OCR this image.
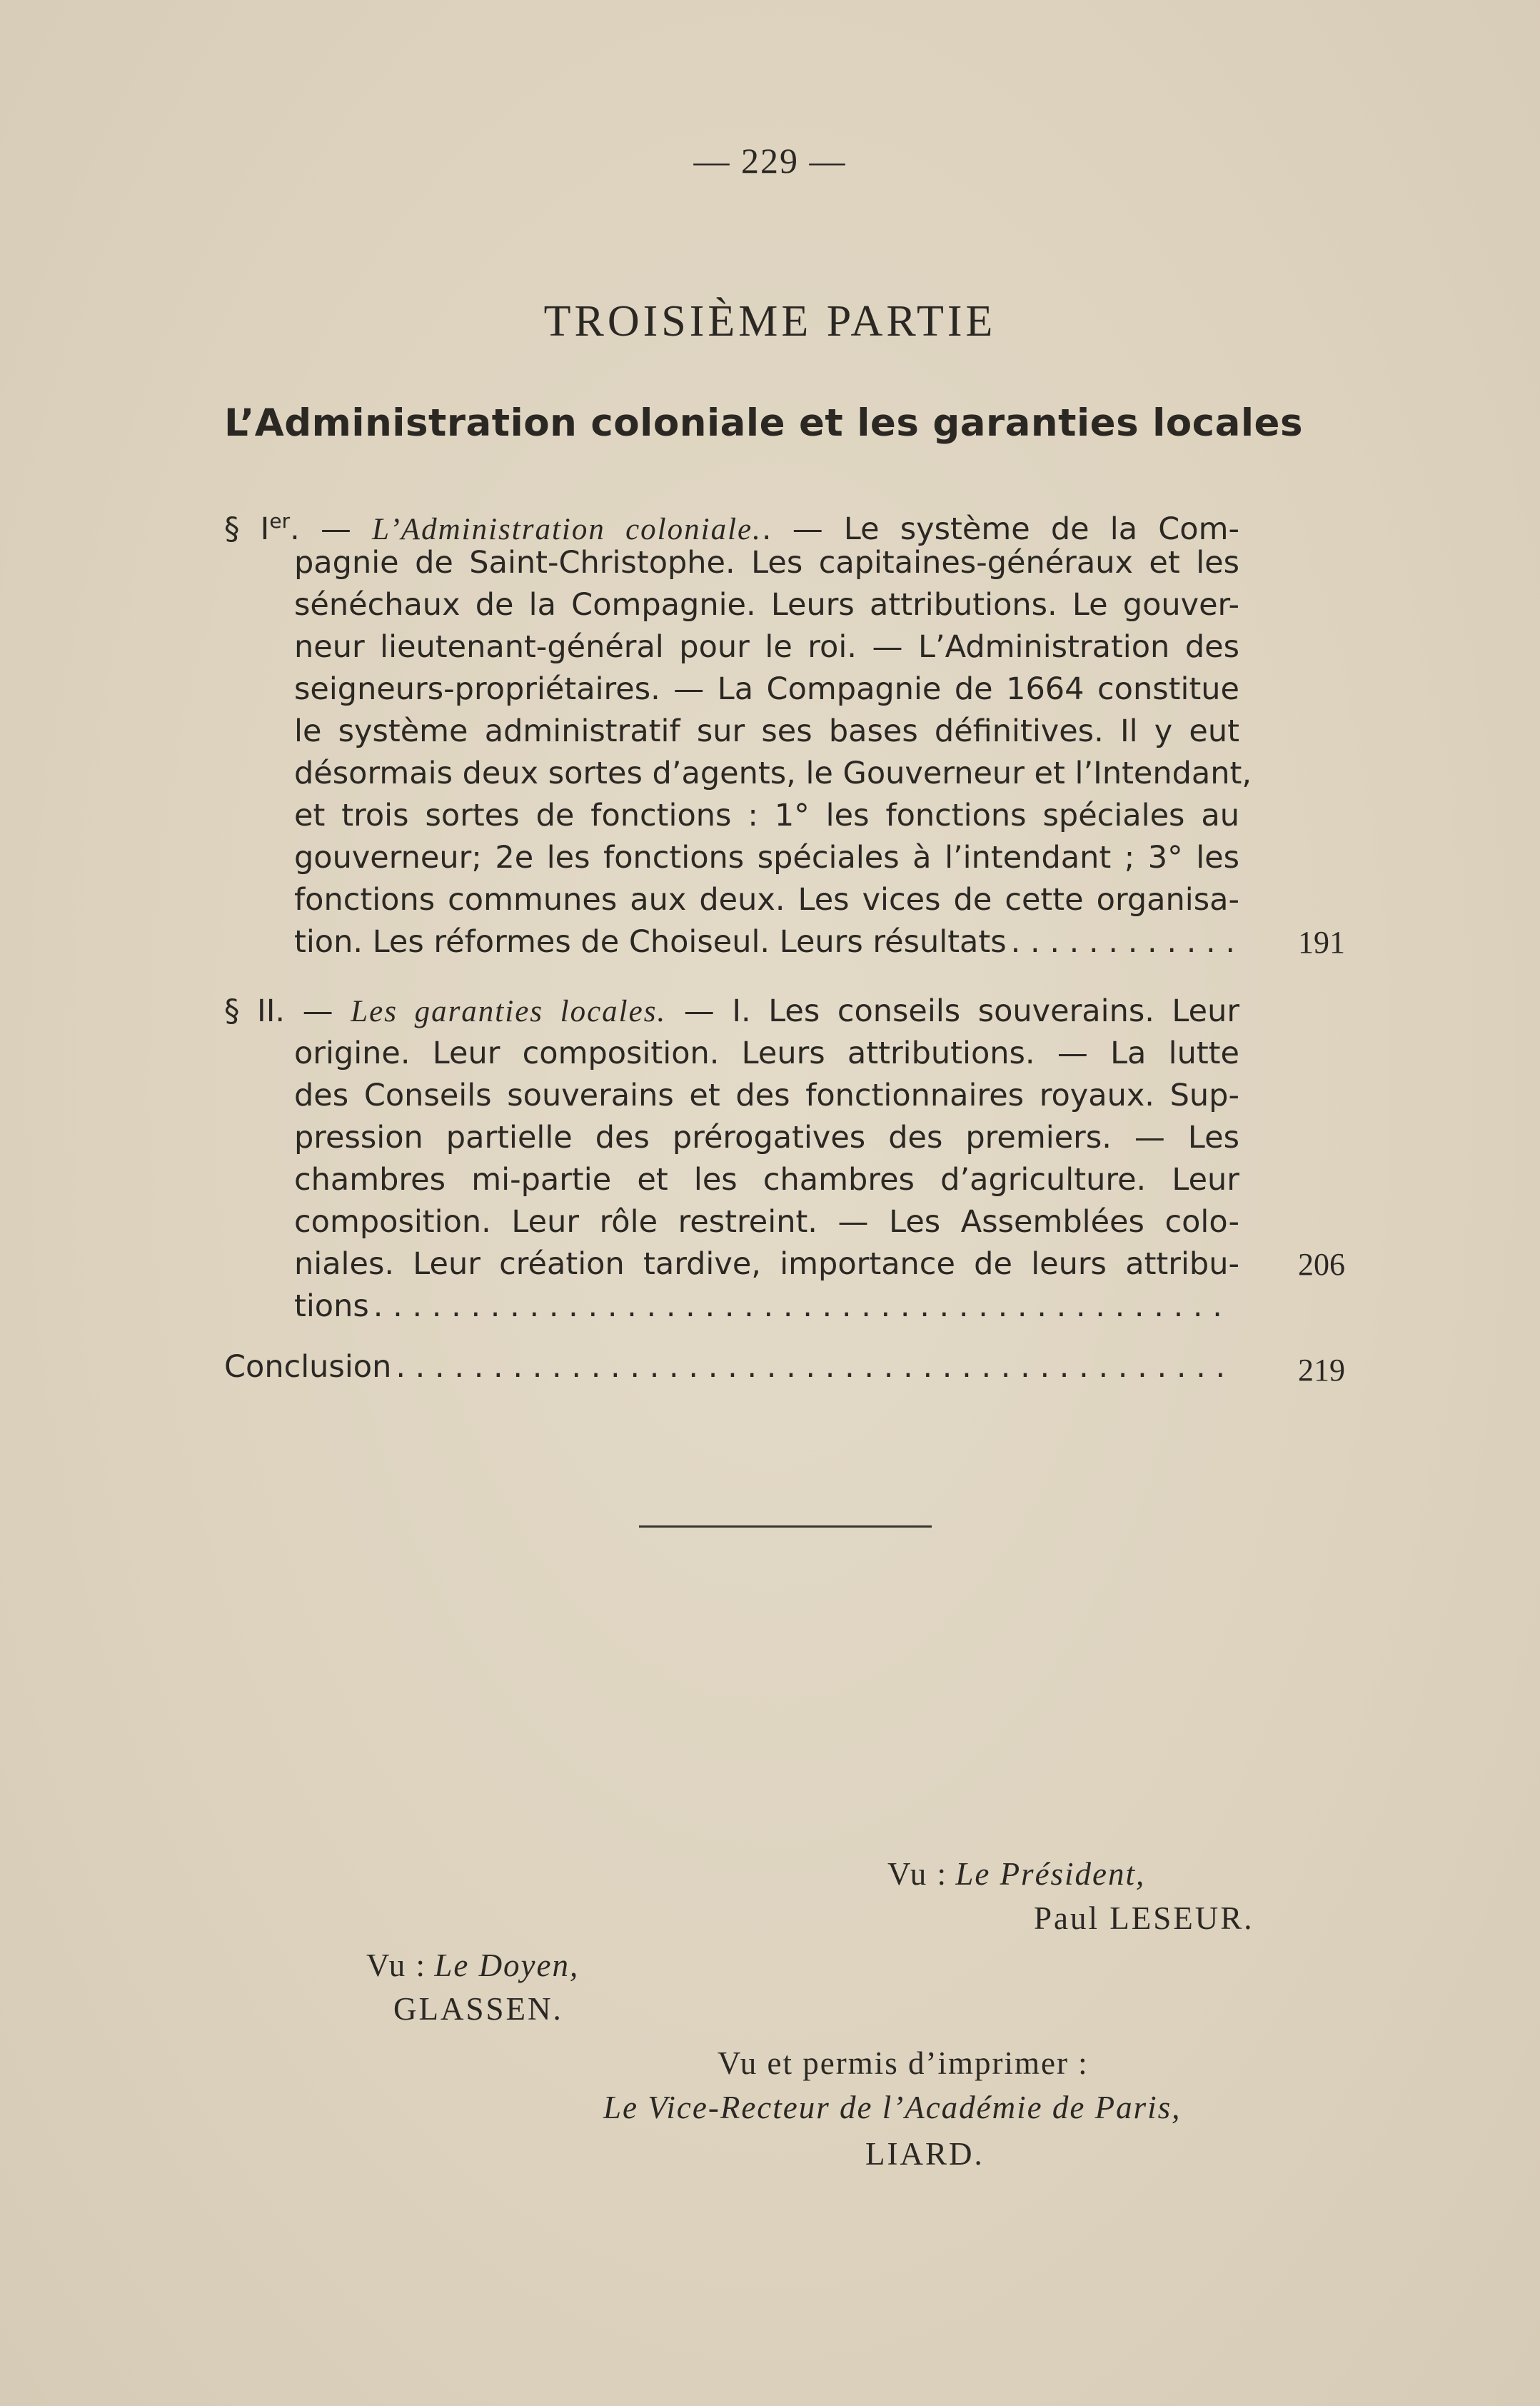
— 229 —
TROISIÈME PARTIE
L’Administration coloniale et les garanties locales
§ Ier. — L’Administration coloniale.. — Le système de la Com-
pagnie de Saint-Christophe. Les capitaines-généraux et les
sénéchaux de la Compagnie. Leurs attributions. Le gouver-
neur lieutenant-général pour le roi. — L’Administration des
seigneurs-propriétaires. — La Compagnie de 1664 constitue
le système administratif sur ses bases définitives. Il y eut
désormais deux sortes d’agents, le Gouverneur et l’Intendant,
et trois sortes de fonctions : 1° les fonctions spéciales au
gouverneur; 2e les fonctions spéciales à l’intendant ; 3° les
fonctions communes aux deux. Les vices de cette organisa-
tion. Les réformes de Choiseul. Leurs résultats . . .	191
§ II. — Les garanties locales. — I. Les conseils souverains. Leur
origine. Leur composition. Leurs attributions. — La lutte
des Conseils souverains et des fonctionnaires royaux. Sup-
pression partielle des prérogatives des premiers. — Les
chambres mi-partie et les chambres d’agriculture. Leur
composition. Leur rôle restreint. — Les Assemblées colo-
niales. Leur création tardive, importance de leurs attribu-
tions
. . .
206
Conclusion . . .	219
Vu : Le Président,
Paul LESEUR.
Vu : Le Doyen,
GLASSEN.
Vu et permis d’imprimer :
Le Vice-Recteur de l’Académie de Paris,
LIARD.
